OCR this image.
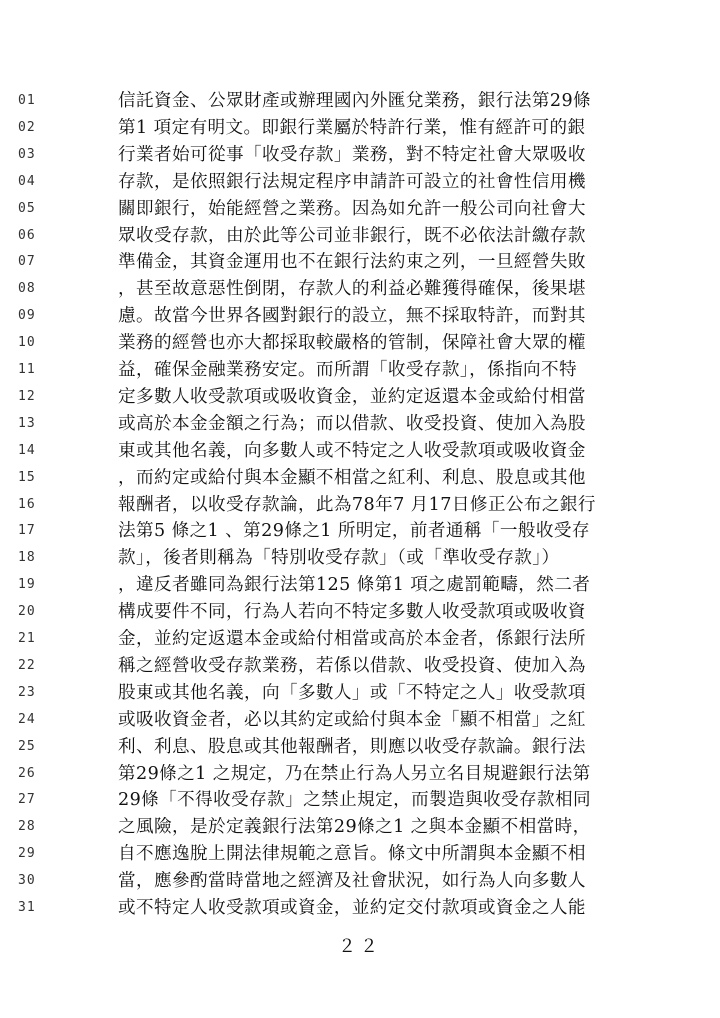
01	信託資金、公眾財產或辦理國內外匯兌業務，銀行法第29條
02	第1 項定有明文。即銀行業屬於特許行業，惟有經許可的銀
03	行業者始可從事「收受存款」業務，對不特定社會大眾吸收
04	存款，是依照銀行法規定程序申請許可設立的社會性信用機
05	關即銀行，始能經營之業務。因為如允許一般公司向社會大
06	眾收受存款，由於此等公司並非銀行，既不必依法計繳存款
07	準備金，其資金運用也不在銀行法約束之列，一旦經營失敗
08	，甚至故意惡性倒閉，存款人的利益必難獲得確保，後果堪
09	慮。故當今世界各國對銀行的設立，無不採取特許，而對其
10	業務的經營也亦大都採取較嚴格的管制，保障社會大眾的權
11	益，確保金融業務安定。而所謂「收受存款」，係指向不特
12	定多數人收受款項或吸收資金，並約定返還本金或給付相當
13	或高於本金金額之行為；而以借款、收受投資、使加入為股
14	東或其他名義，向多數人或不特定之人收受款項或吸收資金
15	，而約定或給付與本金顯不相當之紅利、利息、股息或其他
16	報酬者，以收受存款論，此為78年7 月17日修正公布之銀行
17	法第5 條之1 、第29條之1 所明定，前者通稱「一般收受存
18	款」，後者則稱為「特別收受存款」（或「準收受存款」）
19	，違反者雖同為銀行法第125 條第1 項之處罰範疇，然二者
20	構成要件不同，行為人若向不特定多數人收受款項或吸收資
21	金，並約定返還本金或給付相當或高於本金者，係銀行法所
22	稱之經營收受存款業務，若係以借款、收受投資、使加入為
23	股東或其他名義，向「多數人」或「不特定之人」收受款項
24	或吸收資金者，必以其約定或給付與本金「顯不相當」之紅
25	利、利息、股息或其他報酬者，則應以收受存款論。銀行法
26	第29條之1 之規定，乃在禁止行為人另立名目規避銀行法第
27	29條「不得收受存款」之禁止規定，而製造與收受存款相同
28	之風險，是於定義銀行法第29條之1 之與本金顯不相當時，
29	自不應逸脫上開法律規範之意旨。條文中所謂與本金顯不相
30	當，應參酌當時當地之經濟及社會狀況，如行為人向多數人
31	或不特定人收受款項或資金，並約定交付款項或資金之人能
２２
